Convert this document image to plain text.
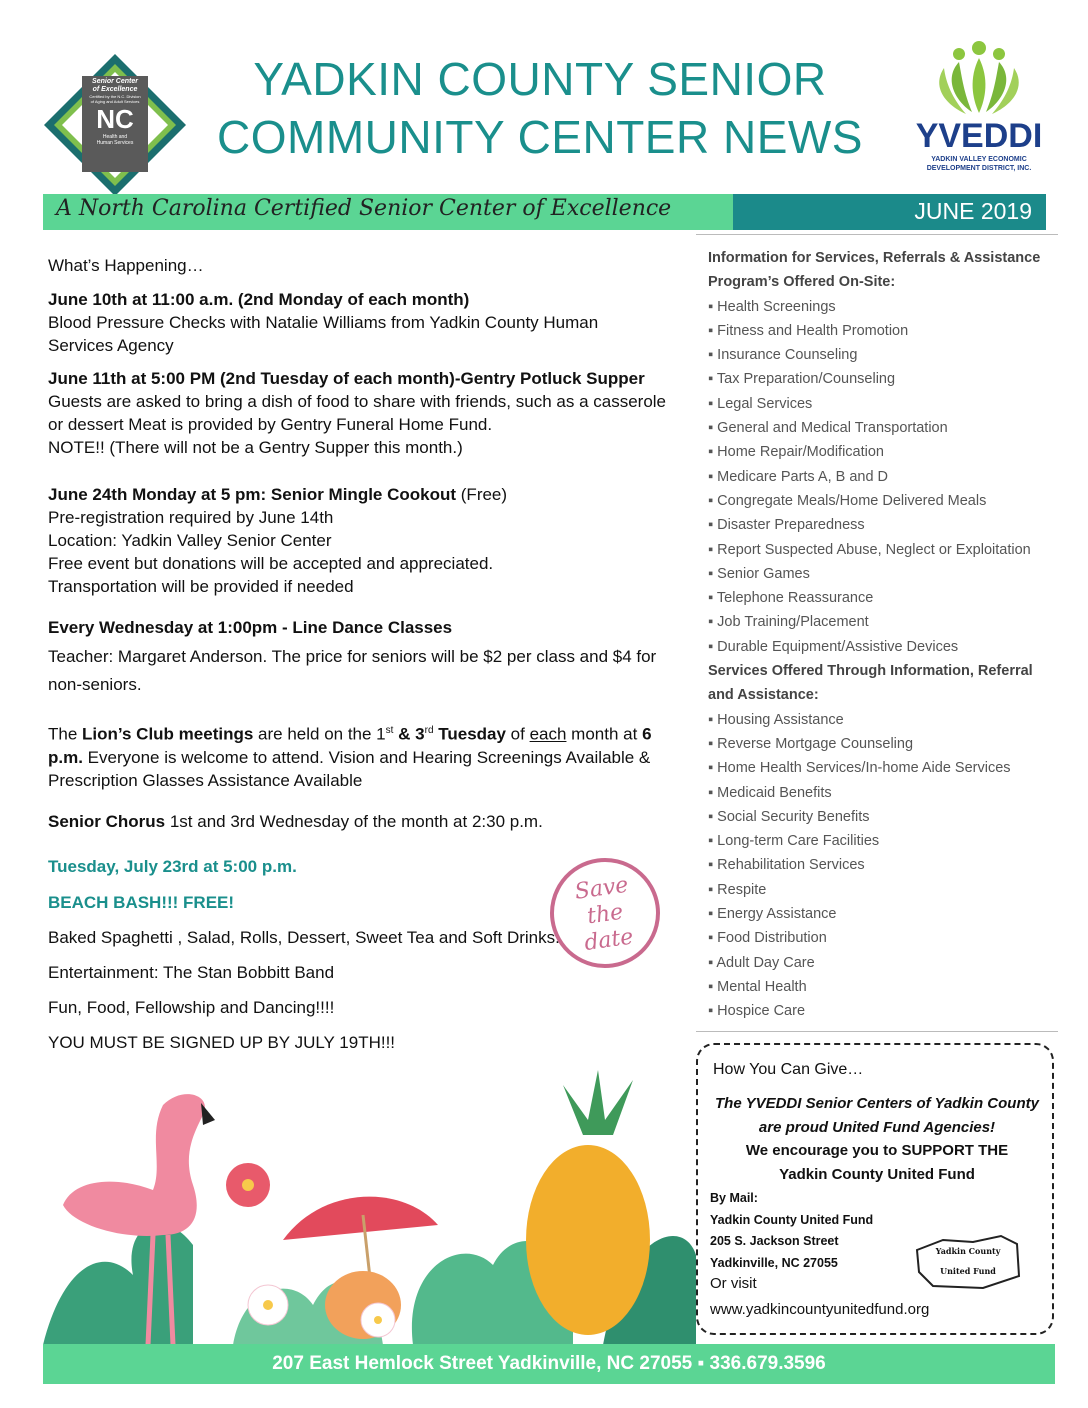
Senior Center
of Excellence
Certified by the N.C. Division
of Aging and Adult Services
NC
Health and
Human Services
YADKIN COUNTY SENIOR
COMMUNITY CENTER NEWS	YVEDDI
YADKIN VALLEY ECONOMIC
DEVELOPMENT DISTRICT, INC.
A North Carolina Certified Senior Center of Excellence	JUNE 2019

What’s Happening…

June 10th at 11:00 a.m. (2nd Monday of each month)

Blood Pressure Checks with Natalie Williams from Yadkin County Human Services Agency

June 11th at 5:00 PM (2nd Tuesday of each month)-Gentry Potluck Supper
Guests are asked to bring a dish of food to share with friends, such as a casserole or dessert Meat is provided by Gentry Funeral Home Fund.

NOTE!! (There will not be a Gentry Supper this month.)

June 24th Monday at 5 pm: Senior Mingle Cookout (Free)
Pre-registration required by June 14th
Location: Yadkin Valley Senior Center
Free event but donations will be accepted and appreciated.

Transportation will be provided if needed

Every Wednesday at 1:00pm - Line Dance Classes

Teacher: Margaret Anderson. The price for seniors will be $2 per class and $4 for non-seniors.

The Lion’s Club meetings are held on the 1st & 3rd Tuesday of each month at 6 p.m. Everyone is welcome to attend. Vision and Hearing Screenings Available & Prescription Glasses Assistance Available

Senior Chorus 1st and 3rd Wednesday of the month at 2:30 p.m.

Tuesday, July 23rd at 5:00 p.m.
BEACH BASH!!! FREE!
Baked Spaghetti , Salad, Rolls, Dessert, Sweet Tea and Soft Drinks.
Entertainment: The Stan Bobbitt Band
Fun, Food, Fellowship and Dancing!!!!
YOU MUST BE SIGNED UP BY JULY 19TH!!!
Save
the
date
Information for Services, Referrals & Assistance
Program’s Offered On-Site:
▪ Health Screenings
▪ Fitness and Health Promotion
▪ Insurance Counseling
▪ Tax Preparation/Counseling
▪ Legal Services
▪ General and Medical Transportation
▪ Home Repair/Modification
▪ Medicare Parts A, B and D
▪ Congregate Meals/Home Delivered Meals
▪ Disaster Preparedness
▪ Report Suspected Abuse, Neglect or Exploitation
▪ Senior Games
▪ Telephone Reassurance
▪ Job Training/Placement
▪ Durable Equipment/Assistive Devices
Services Offered Through Information, Referral and Assistance:
▪ Housing Assistance
▪ Reverse Mortgage Counseling
▪ Home Health Services/In-home Aide Services
▪ Medicaid Benefits
▪ Social Security Benefits
▪ Long-term Care Facilities
▪ Rehabilitation Services
▪ Respite
▪ Energy Assistance
▪ Food Distribution
▪ Adult Day Care
▪ Mental Health
▪ Hospice Care
How You Can Give…
The YVEDDI Senior Centers of Yadkin County
are proud United Fund Agencies!
We encourage you to SUPPORT THE
Yadkin County United Fund
By Mail:
Yadkin County United Fund
205 S. Jackson Street
Yadkinville, NC 27055
Or visit
www.yadkincountyunitedfund.org
Yadkin County
United Fund
207 East Hemlock Street Yadkinville, NC 27055 ▪ 336.679.3596
